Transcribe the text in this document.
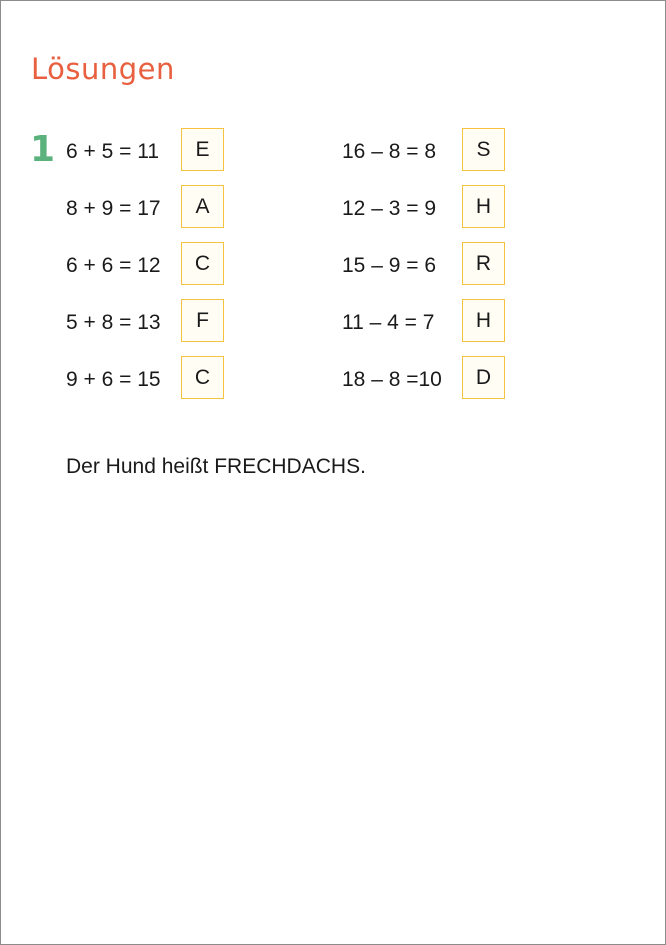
Lösungen
1 6 + 5 = 11	E
8 + 9 = 17	A
6 + 6 = 12	C
5 + 8 = 13	F
9 + 6 = 15	C
16 – 8 = 8	S
12 – 3 = 9	H
15 – 9 = 6	R
11 – 4 = 7	H
18 – 8 =10	D

Der Hund heißt FRECHDACHS.
